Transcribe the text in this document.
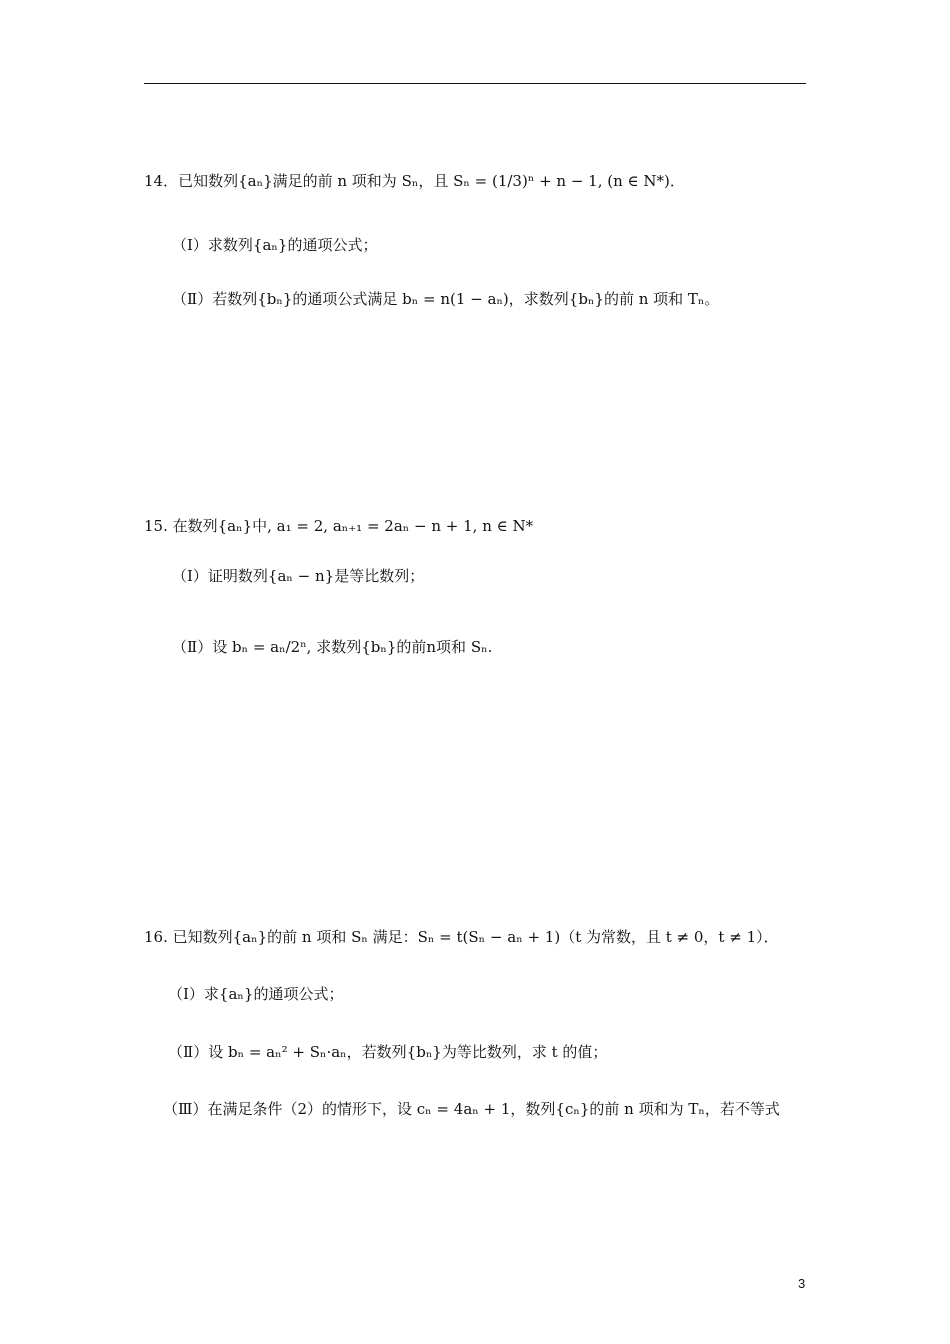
14．已知数列{aₙ}满足的前 n 项和为 Sₙ，且 Sₙ = (1/3)ⁿ + n − 1, (n ∈ N*)．
（Ⅰ）求数列{aₙ}的通项公式；
（Ⅱ）若数列{bₙ}的通项公式满足 bₙ = n(1 − aₙ)，求数列{bₙ}的前 n 项和 Tₙ。
15. 在数列{aₙ}中, a₁ = 2, aₙ₊₁ = 2aₙ − n + 1, n ∈ N*
（Ⅰ）证明数列{aₙ − n}是等比数列；
（Ⅱ）设 bₙ = aₙ/2ⁿ, 求数列{bₙ}的前n项和 Sₙ.
16. 已知数列{aₙ}的前 n 项和 Sₙ 满足：Sₙ = t(Sₙ − aₙ + 1)（t 为常数，且 t ≠ 0，t ≠ 1）．
（Ⅰ）求{aₙ}的通项公式；
（Ⅱ）设 bₙ = aₙ² + Sₙ·aₙ，若数列{bₙ}为等比数列，求 t 的值；
（Ⅲ）在满足条件（2）的情形下，设 cₙ = 4aₙ + 1，数列{cₙ}的前 n 项和为 Tₙ，若不等式
3
